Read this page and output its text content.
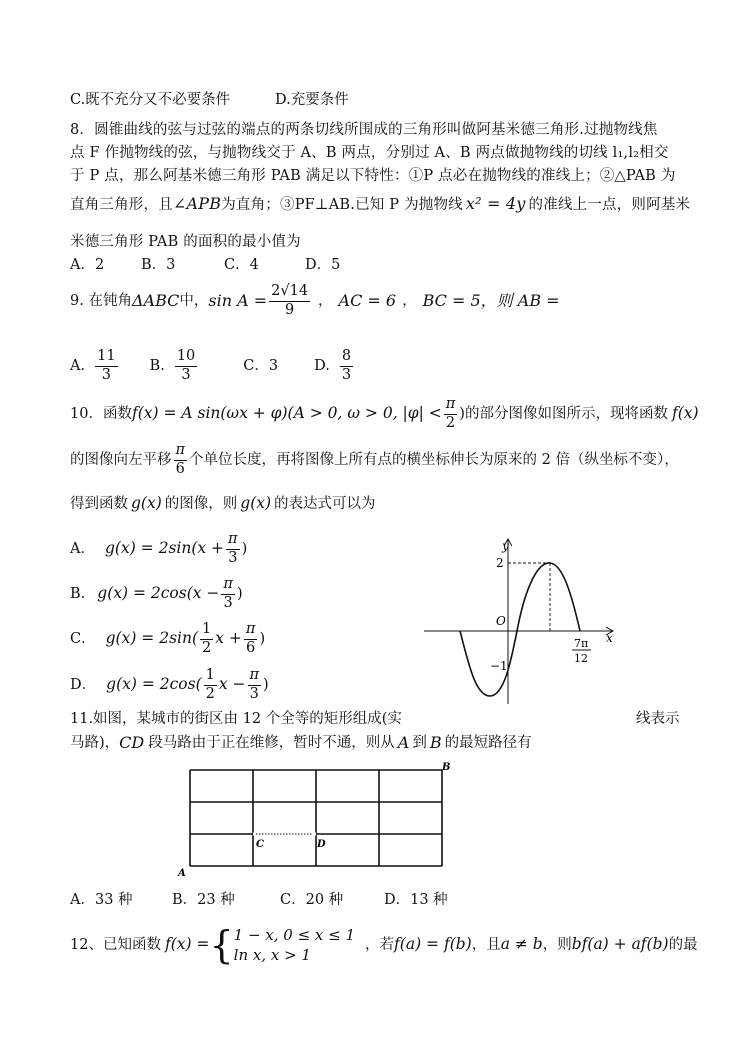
C.既不充分又不必要条件	D.充要条件
8．圆锥曲线的弦与过弦的端点的两条切线所围成的三角形叫做阿基米德三角形.过抛物线焦
点 F 作抛物线的弦，与抛物线交于 A、B 两点，分别过 A、B 两点做抛物线的切线 l₁,l₂相交
于 P 点，那么阿基米德三角形 PAB 满足以下特性：①P 点必在抛物线的准线上；②△PAB 为
直角三角形，且∠APB为直角；③PF⊥AB.已知 P 为抛物线 x² = 4y 的准线上一点，则阿基米
米德三角形 PAB 的面积的最小值为
A．2	B．3	C．4	D．5
9. 在钝角 ΔABC 中， $\sin A = \frac{2√14}{9}$ ， AC = 6 ， BC = 5 ，则 AB =
A. $\frac{11}{3} B$. $\frac{10}{3}$	C．3 D. $\frac{8}{3}$
10．函数 f(x) = A sin(ωx + φ)(A > 0, ω > 0, $|\varphi| < \frac{\pi}{2}$ ) 的部分图像如图所示，现将函数 f(x)
的图像向左平移 $\frac{\pi}{6}$ 个单位长度，再将图像上所有点的横坐标伸长为原来的 2 倍（纵坐标不变），
得到函数 g(x) 的图像，则 g(x) 的表达式可以为
A． $g(x) = 2\sin(x + \frac{\pi}{3}$ )
B. $g(x) = 2\cos(x - \frac{\pi}{3}$ )
C． $g(x) = 2\sin( \frac{1}{2}$ $x + \frac{\pi}{6}$ )
D． $g(x) = 2\cos( \frac{1}{2}$ $x - \frac{\pi}{3}$ )
y
x
O
2
−1
7π
12
11.如图，某城市的街区由 12 个全等的矩形组成(实	线表示
马路)， CD 段马路由于正在维修，暂时不通，则从 A 到 B 的最短路径有
A
B
C	D
A．33 种	B．23 种	C．20 种	D．13 种
12、已知函数 f(x) = { 1 − x, 0 ≤ x ≤ 1
ln x, x > 1
，若 f(a) = f(b) ，且 a ≠ b ，则 bf(a) + af(b) 的最
